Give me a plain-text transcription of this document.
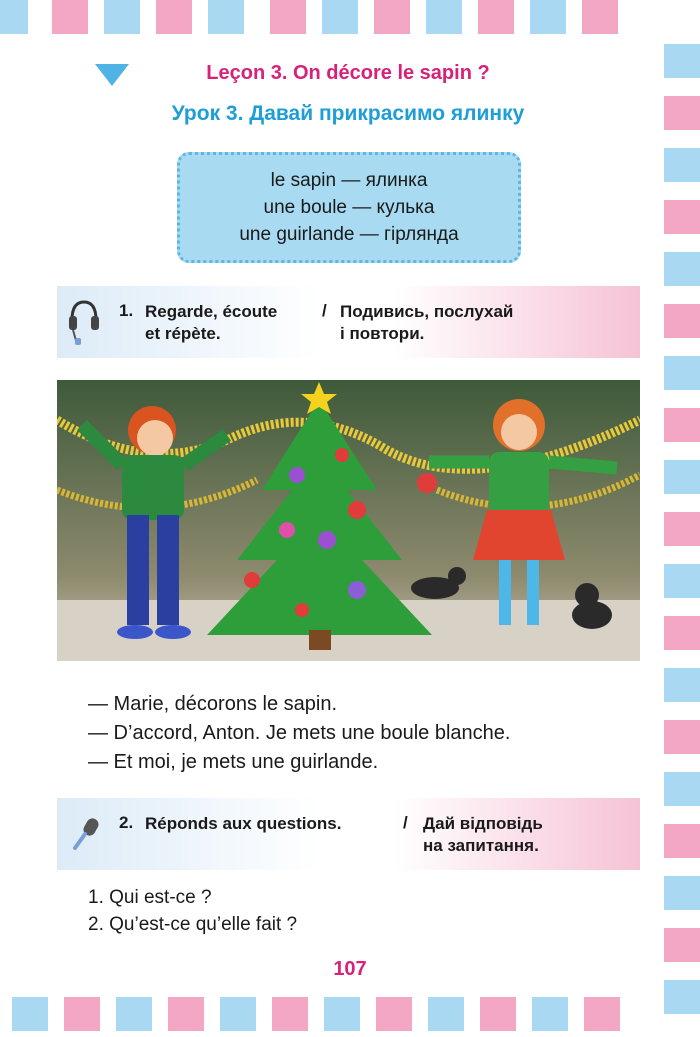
Leçon 3. On décore le sapin ?
Урок 3. Давай прикрасимо ялинку
le sapin — ялинка
une boule — кулька
une guirlande — гірлянда
1. Regarde, écoute
et répète.
/ Подивись, послухай
і повтори.
— Marie, décorons le sapin.
— D’accord, Anton. Je mets une boule blanche.
— Et moi, je mets une guirlande.
2. Réponds aux questions.	/ Дай відповідь
на запитання.
1. Qui est-ce ?
2. Qu’est-ce qu’elle fait ?
107
